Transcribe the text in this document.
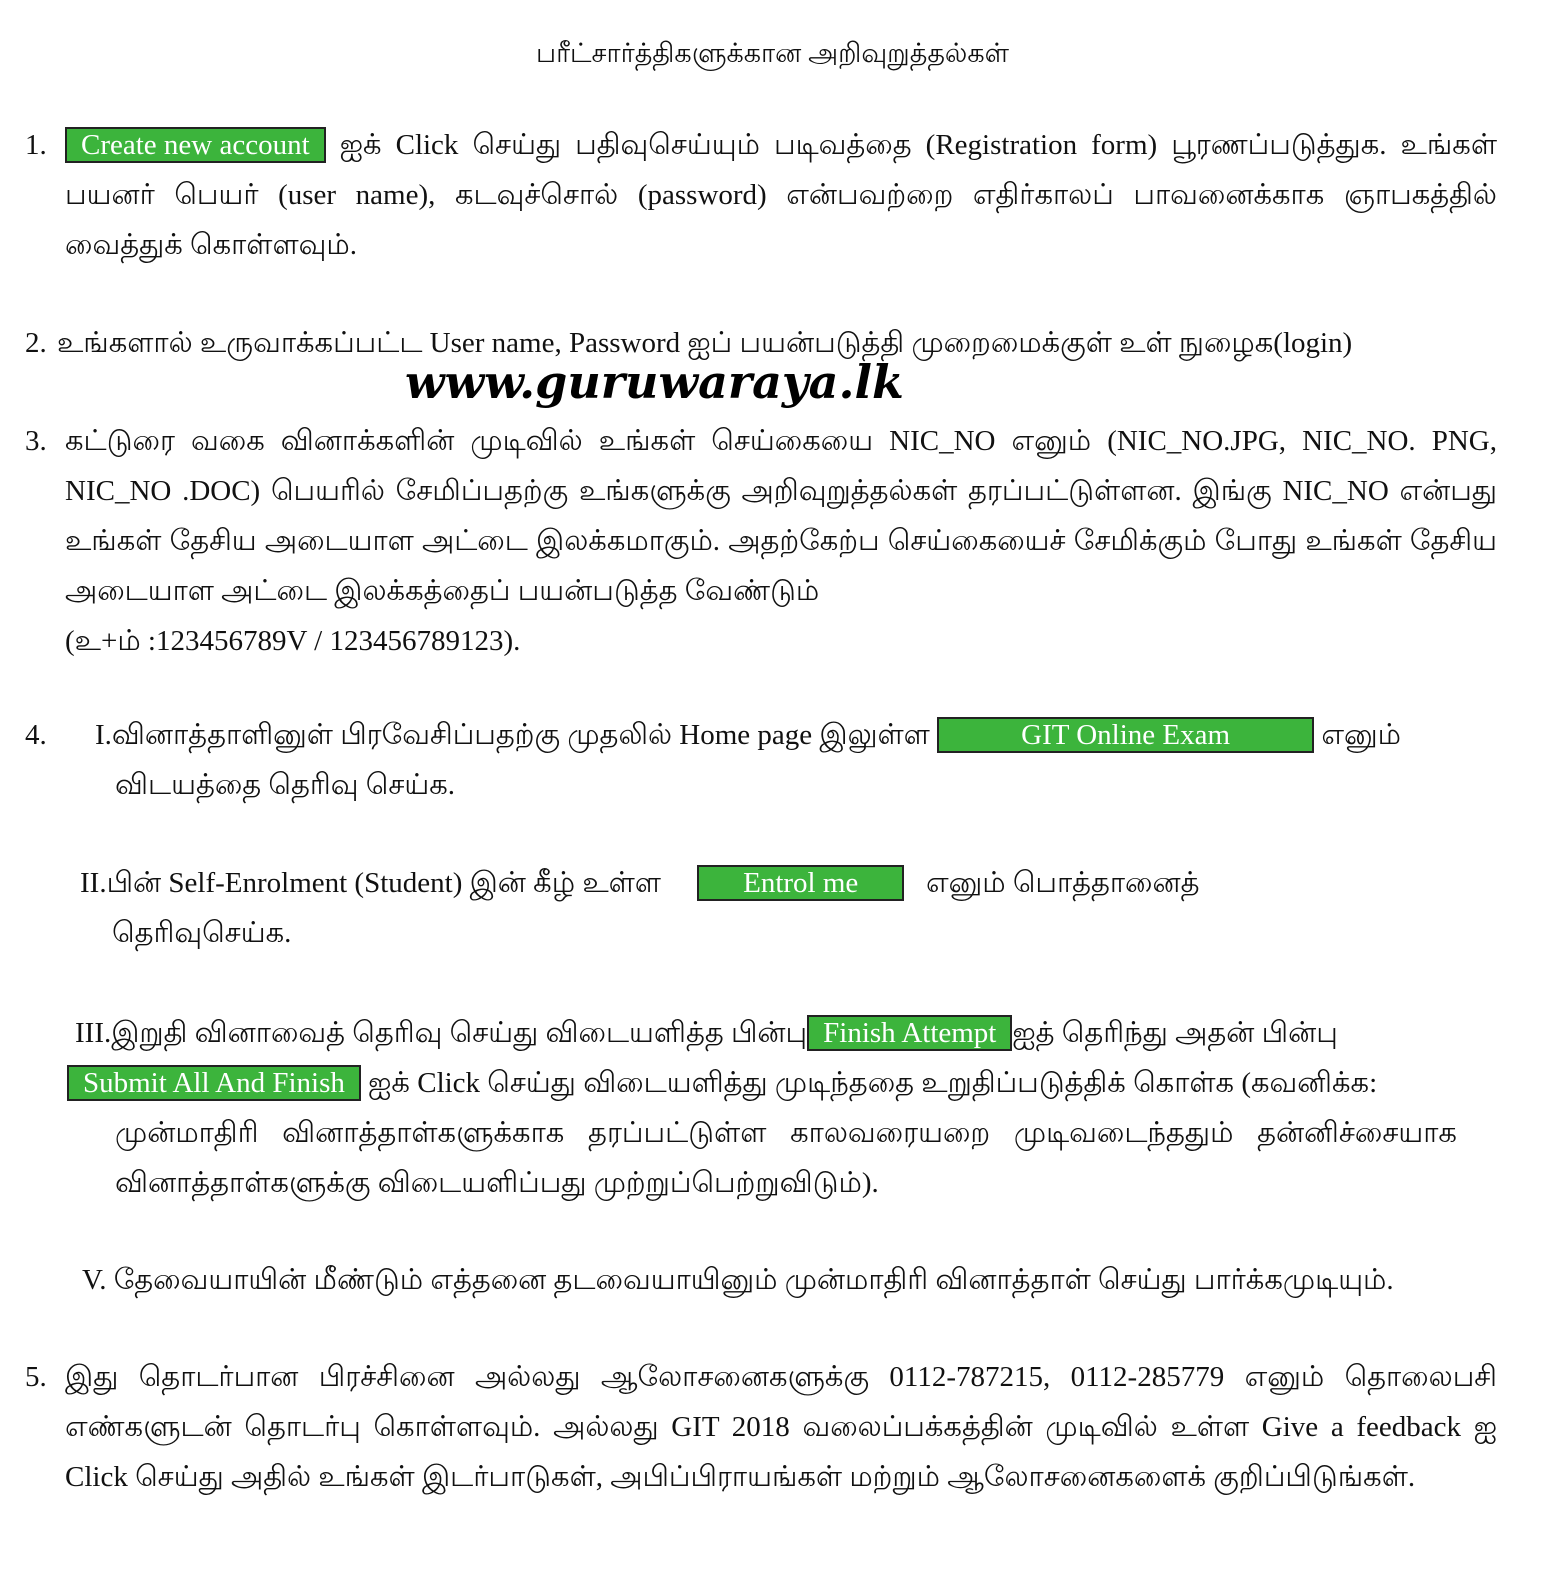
பரீட்சார்த்திகளுக்கான அறிவுறுத்தல்கள்
1. Create new account ஐக் Click செய்து பதிவுசெய்யும் படிவத்தை (Registration form) பூரணப்படுத்துக. உங்கள் பயனர் பெயர் (user name), கடவுச்சொல் (password) என்பவற்றை எதிர்காலப் பாவனைக்காக ஞாபகத்தில் வைத்துக் கொள்ளவும்.
2. உங்களால் உருவாக்கப்பட்ட User name, Password ஐப் பயன்படுத்தி முறைமைக்குள் உள் நுழைக(login)
www.guruwaraya.lk
3. கட்டுரை வகை வினாக்களின் முடிவில் உங்கள் செய்கையை NIC_NO எனும் (NIC_NO.JPG, NIC_NO. PNG, NIC_NO .DOC) பெயரில் சேமிப்பதற்கு உங்களுக்கு அறிவுறுத்தல்கள் தரப்பட்டுள்ளன. இங்கு NIC_NO என்பது உங்கள் தேசிய அடையாள அட்டை இலக்கமாகும். அதற்கேற்ப செய்கையைச் சேமிக்கும் போது உங்கள் தேசிய அடையாள அட்டை இலக்கத்தைப் பயன்படுத்த வேண்டும்
(உ+ம் :123456789V / 123456789123).
4. I.வினாத்தாளினுள் பிரவேசிப்பதற்கு முதலில் Home page இலுள்ள	GIT Online Exam	எனும்
விடயத்தை தெரிவு செய்க.
II.பின் Self-Enrolment (Student) இன் கீழ் உள்ள	Entrol me எனும் பொத்தானைத்
தெரிவுசெய்க.
III.இறுதி வினாவைத் தெரிவு செய்து விடையளித்த பின்பு Finish Attempt ஐத் தெரிந்து அதன் பின்பு
Submit All And Finish ஐக் Click செய்து விடையளித்து முடிந்ததை உறுதிப்படுத்திக் கொள்க (கவனிக்க:
முன்மாதிரி வினாத்தாள்களுக்காக தரப்பட்டுள்ள காலவரையறை முடிவடைந்ததும் தன்னிச்சையாக வினாத்தாள்களுக்கு விடையளிப்பது முற்றுப்பெற்றுவிடும்).
V. தேவையாயின் மீண்டும் எத்தனை தடவையாயினும் முன்மாதிரி வினாத்தாள் செய்து பார்க்கமுடியும்.
5. இது தொடர்பான பிரச்சினை அல்லது ஆலோசனைகளுக்கு 0112-787215, 0112-285779 எனும் தொலைபசி எண்களுடன் தொடர்பு கொள்ளவும். அல்லது GIT 2018 வலைப்பக்கத்தின் முடிவில் உள்ள Give a feedback ஐ Click செய்து அதில் உங்கள் இடர்பாடுகள், அபிப்பிராயங்கள் மற்றும் ஆலோசனைகளைக் குறிப்பிடுங்கள்.
